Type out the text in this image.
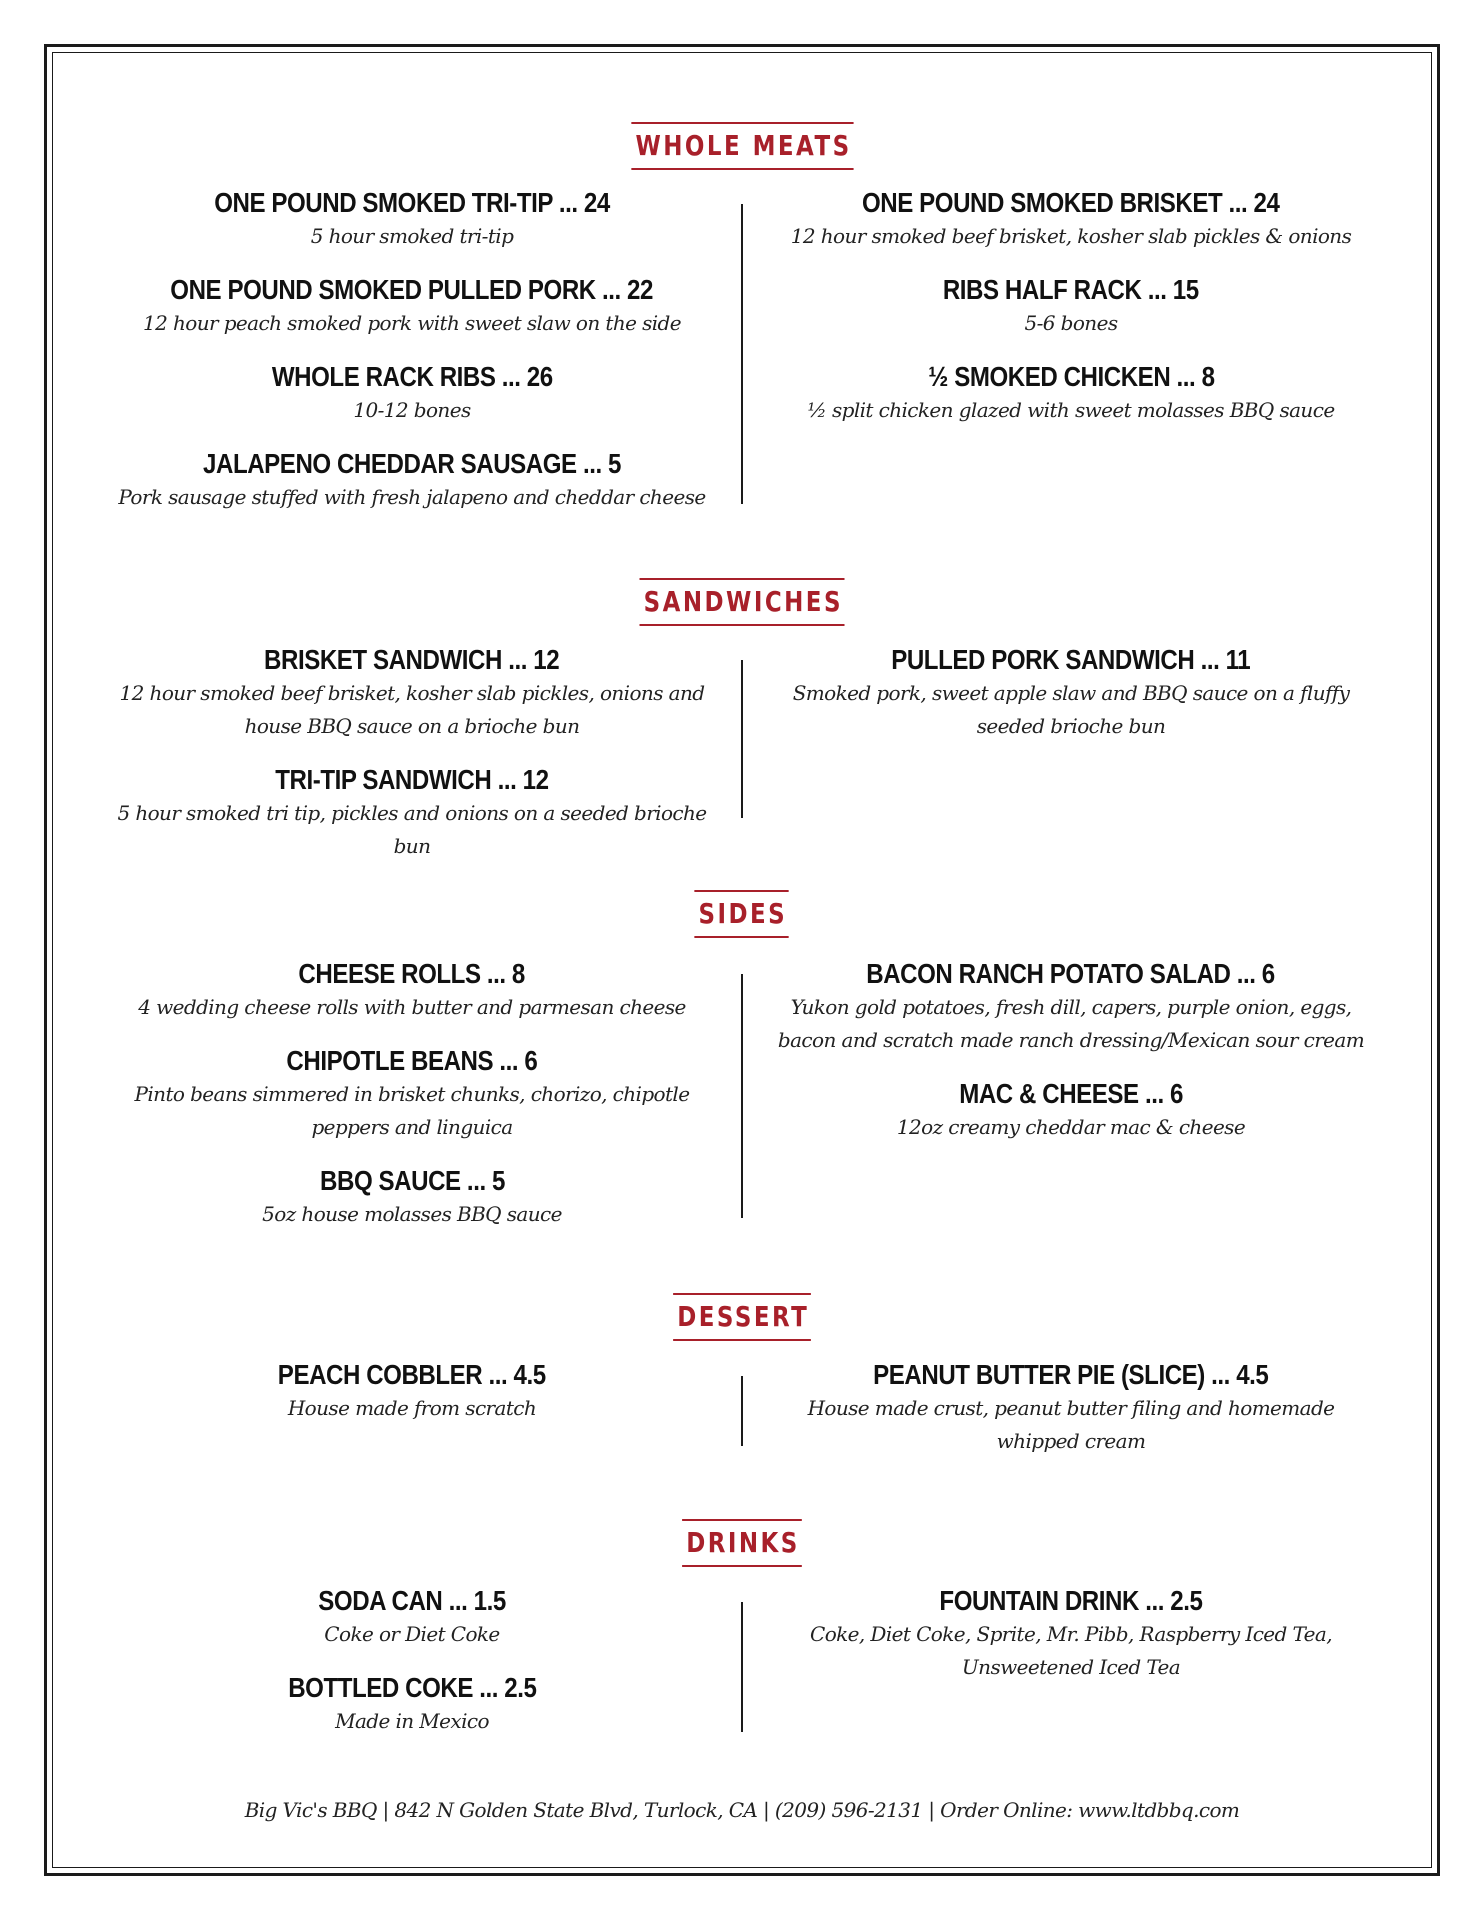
WHOLE MEATS
ONE POUND SMOKED TRI-TIP ... 24
5 hour smoked tri-tip
ONE POUND SMOKED PULLED PORK ... 22
12 hour peach smoked pork with sweet slaw on the side
WHOLE RACK RIBS ... 26
10-12 bones
JALAPENO CHEDDAR SAUSAGE ... 5
Pork sausage stuffed with fresh jalapeno and cheddar cheese
ONE POUND SMOKED BRISKET ... 24
12 hour smoked beef brisket, kosher slab pickles & onions
RIBS HALF RACK ... 15
5-6 bones
½ SMOKED CHICKEN ... 8
½ split chicken glazed with sweet molasses BBQ sauce
SANDWICHES
BRISKET SANDWICH ... 12
12 hour smoked beef brisket, kosher slab pickles, onions and house BBQ sauce on a brioche bun
TRI-TIP SANDWICH ... 12
5 hour smoked tri tip, pickles and onions on a seeded brioche bun
PULLED PORK SANDWICH ... 11
Smoked pork, sweet apple slaw and BBQ sauce on a fluffy seeded brioche bun
SIDES
CHEESE ROLLS ... 8
4 wedding cheese rolls with butter and parmesan cheese
CHIPOTLE BEANS ... 6
Pinto beans simmered in brisket chunks, chorizo, chipotle peppers and linguica
BBQ SAUCE ... 5
5oz house molasses BBQ sauce
BACON RANCH POTATO SALAD ... 6
Yukon gold potatoes, fresh dill, capers, purple onion, eggs, bacon and scratch made ranch dressing/Mexican sour cream
MAC & CHEESE ... 6
12oz creamy cheddar mac & cheese
DESSERT
PEACH COBBLER ... 4.5
House made from scratch
PEANUT BUTTER PIE (SLICE) ... 4.5
House made crust, peanut butter filing and homemade whipped cream
DRINKS
SODA CAN ... 1.5
Coke or Diet Coke
BOTTLED COKE ... 2.5
Made in Mexico
FOUNTAIN DRINK ... 2.5
Coke, Diet Coke, Sprite, Mr. Pibb, Raspberry Iced Tea, Unsweetened Iced Tea
Big Vic's BBQ | 842 N Golden State Blvd, Turlock, CA | (209) 596-2131 | Order Online: www.ltdbbq.com
